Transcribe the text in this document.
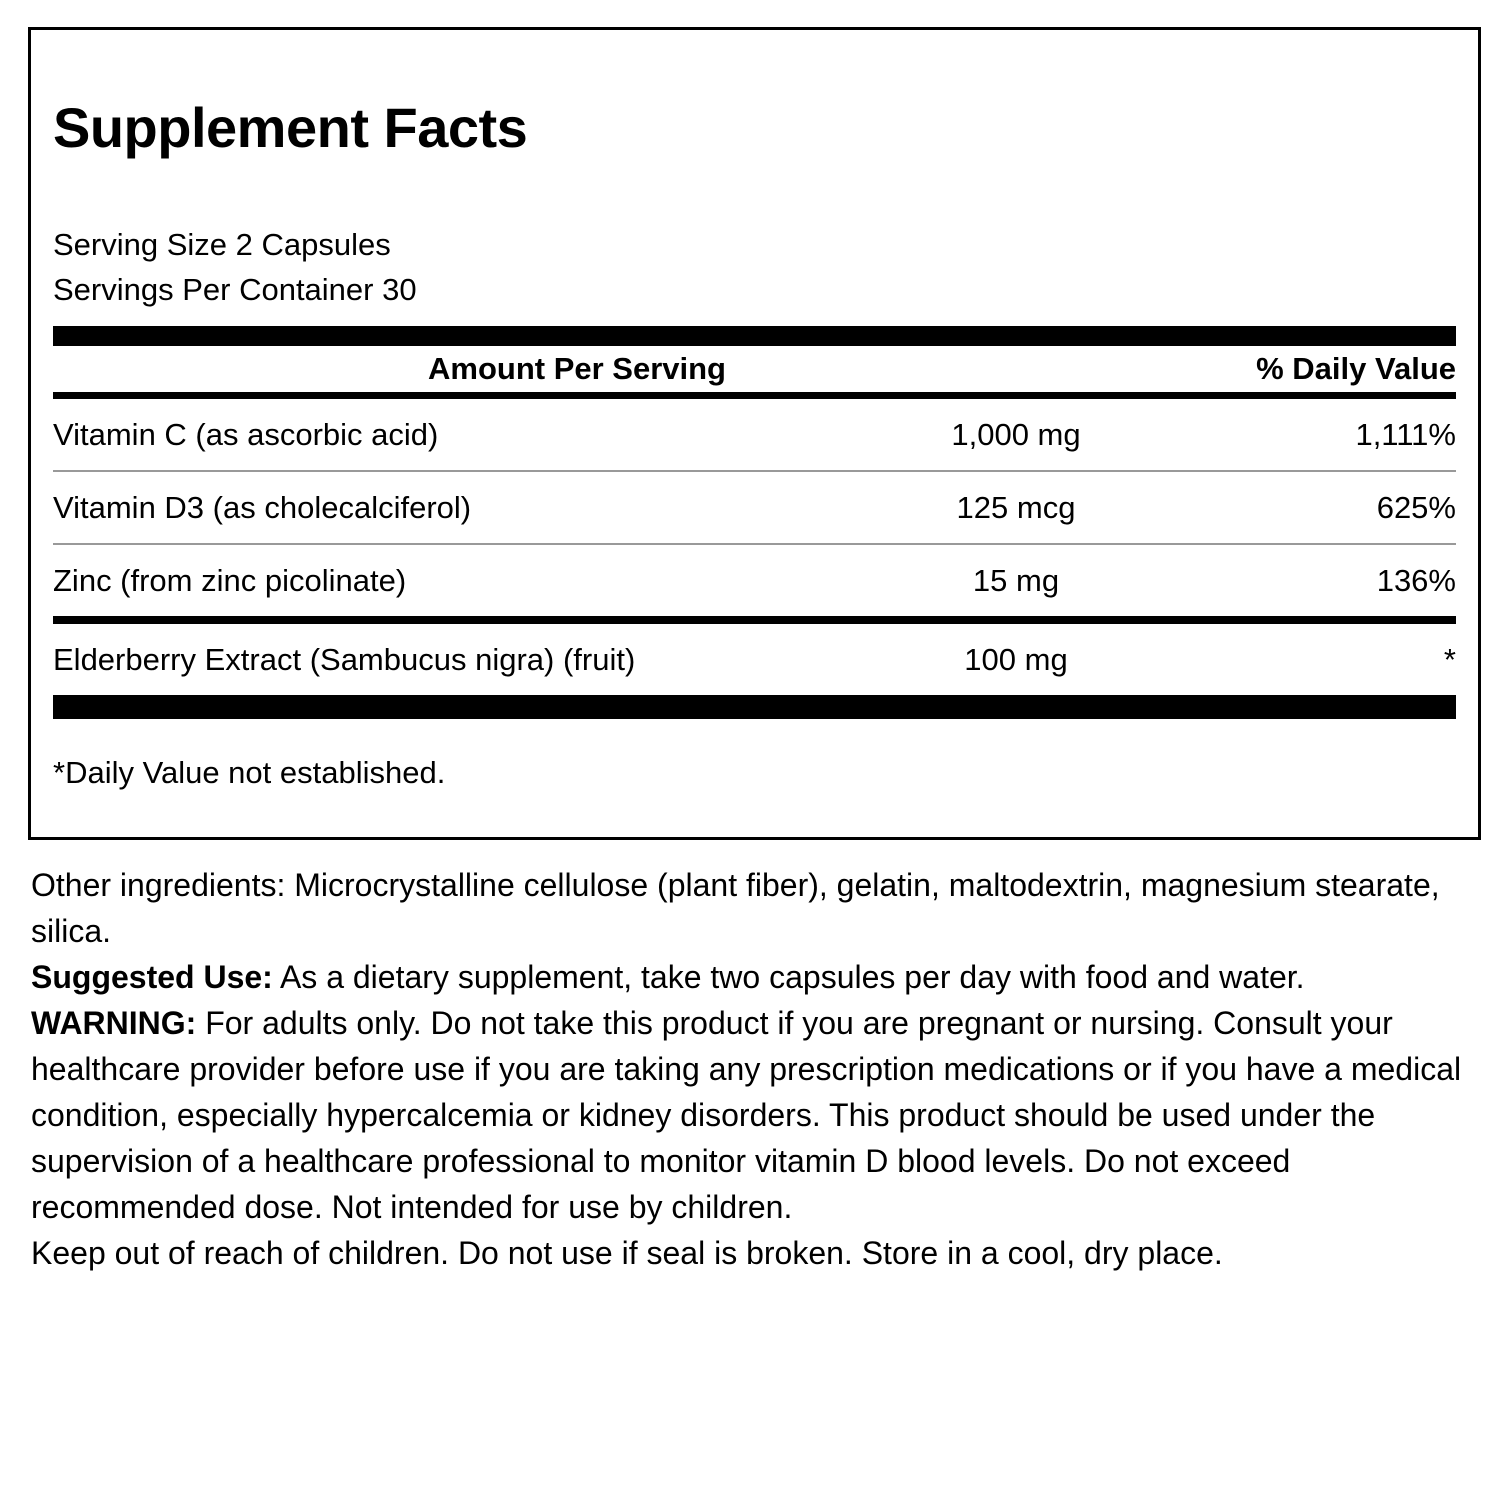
Supplement Facts
Serving Size 2 Capsules
Servings Per Container 30
Amount Per Serving	% Daily Value
Vitamin C (as ascorbic acid)	1,000 mg	1,111%
Vitamin D3 (as cholecalciferol)	125 mcg	625%
Zinc (from zinc picolinate)	15 mg	136%
Elderberry Extract (Sambucus nigra) (fruit)	100 mg	*
*Daily Value not established.

Other ingredients: Microcrystalline cellulose (plant fiber), gelatin, maltodextrin, magnesium stearate, silica.

Suggested Use: As a dietary supplement, take two capsules per day with food and water.

WARNING: For adults only. Do not take this product if you are pregnant or nursing. Consult your healthcare provider before use if you are taking any prescription medications or if you have a medical condition, especially hypercalcemia or kidney disorders. This product should be used under the supervision of a healthcare professional to monitor vitamin D blood levels. Do not exceed recommended dose. Not intended for use by children.

Keep out of reach of children. Do not use if seal is broken. Store in a cool, dry place.
